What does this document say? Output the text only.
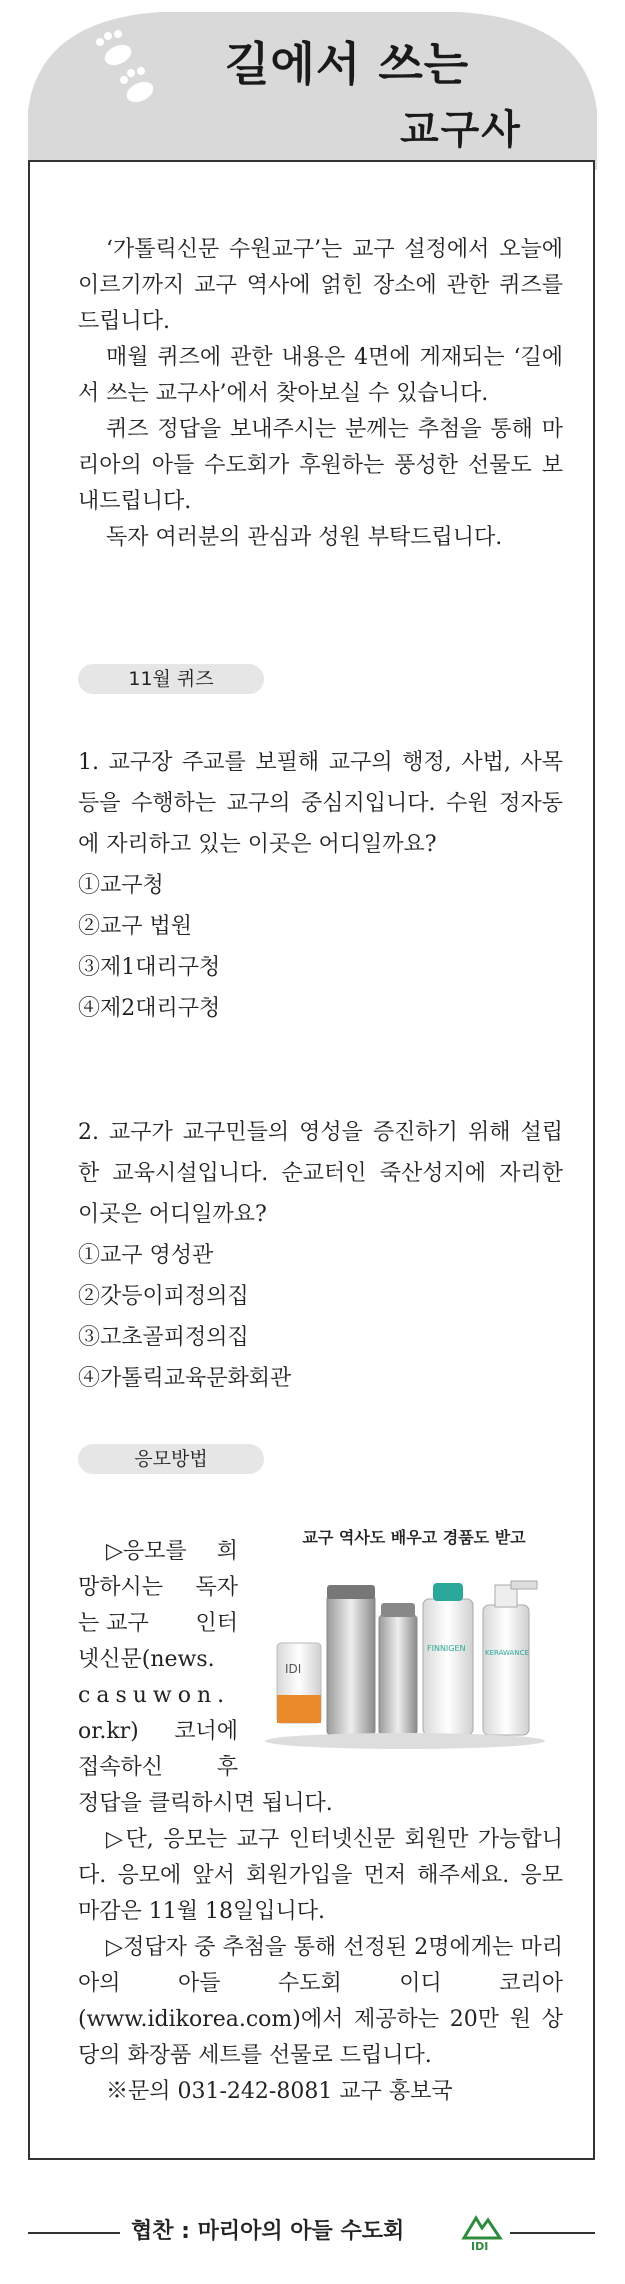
길에서 쓰는
교구사

‘가톨릭신문 수원교구’는 교구 설정에서 오늘에 이르기까지 교구 역사에 얽힌 장소에 관한 퀴즈를 드립니다.

매월 퀴즈에 관한 내용은 4면에 게재되는 ‘길에서 쓰는 교구사’에서 찾아보실 수 있습니다.

퀴즈 정답을 보내주시는 분께는 추첨을 통해 마리아의 아들 수도회가 후원하는 풍성한 선물도 보내드립니다.

독자 여러분의 관심과 성원 부탁드립니다.

11월 퀴즈

1. 교구장 주교를 보필해 교구의 행정, 사법, 사목 등을 수행하는 교구의 중심지입니다. 수원 정자동에 자리하고 있는 이곳은 어디일까요?

①교구청

②교구 법원

③제1대리구청

④제2대리구청

2. 교구가 교구민들의 영성을 증진하기 위해 설립한 교육시설입니다. 순교터인 죽산성지에 자리한 이곳은 어디일까요?

①교구 영성관

②갓등이피정의집

③고초골피정의집

④가톨릭교육문화회관

응모방법

▷응모를 희

망하시는 독자

는 교구 인터

넷신문(news.

casuwon.

or.kr) 코너에

접속하신 후

교구 역사도 배우고 경품도 받고
IDI
FINNIGEN	KERAWANCE

정답을 클릭하시면 됩니다.

▷단, 응모는 교구 인터넷신문 회원만 가능합니다. 응모에 앞서 회원가입을 먼저 해주세요. 응모 마감은 11월 18일입니다.

▷정답자 중 추첨을 통해 선정된 2명에게는 마리아의 아들 수도회 이디 코리아(www.idikorea.com)에서 제공하는 20만 원 상당의 화장품 세트를 선물로 드립니다.

※문의 031-242-8081 교구 홍보국

협찬 : 마리아의 아들 수도회
IDI
